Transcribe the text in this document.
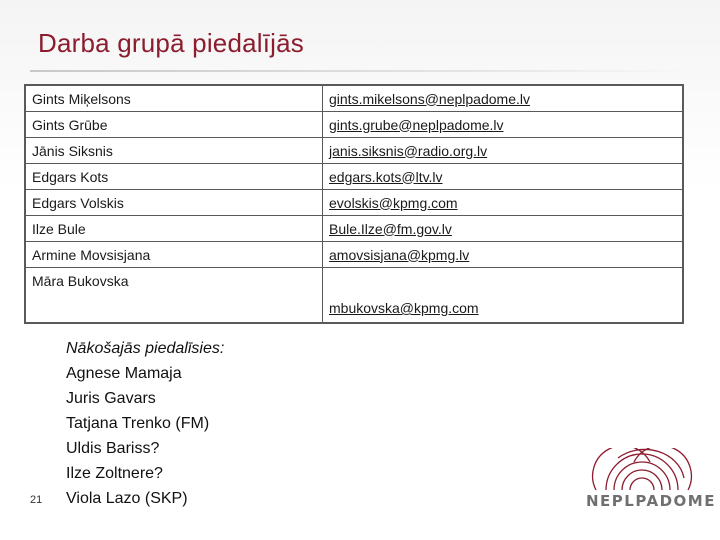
Darba grupā piedalījās
Gints Miķelsons	gints.mikelsons@neplpadome.lv
Gints Grūbe	gints.grube@neplpadome.lv
Jānis Siksnis	janis.siksnis@radio.org.lv
Edgars Kots	edgars.kots@ltv.lv
Edgars Volskis	evolskis@kpmg.com
Ilze Bule	Bule.Ilze@fm.gov.lv
Armine Movsisjana	amovsisjana@kpmg.lv
Māra Bukovska	mbukovska@kpmg.com
Nākošajās piedalīsies:
Agnese Mamaja
Juris Gavars
Tatjana Trenko (FM)
Uldis Bariss?
Ilze Zoltnere?
Viola Lazo (SKP)
21	NEPLPADOME
